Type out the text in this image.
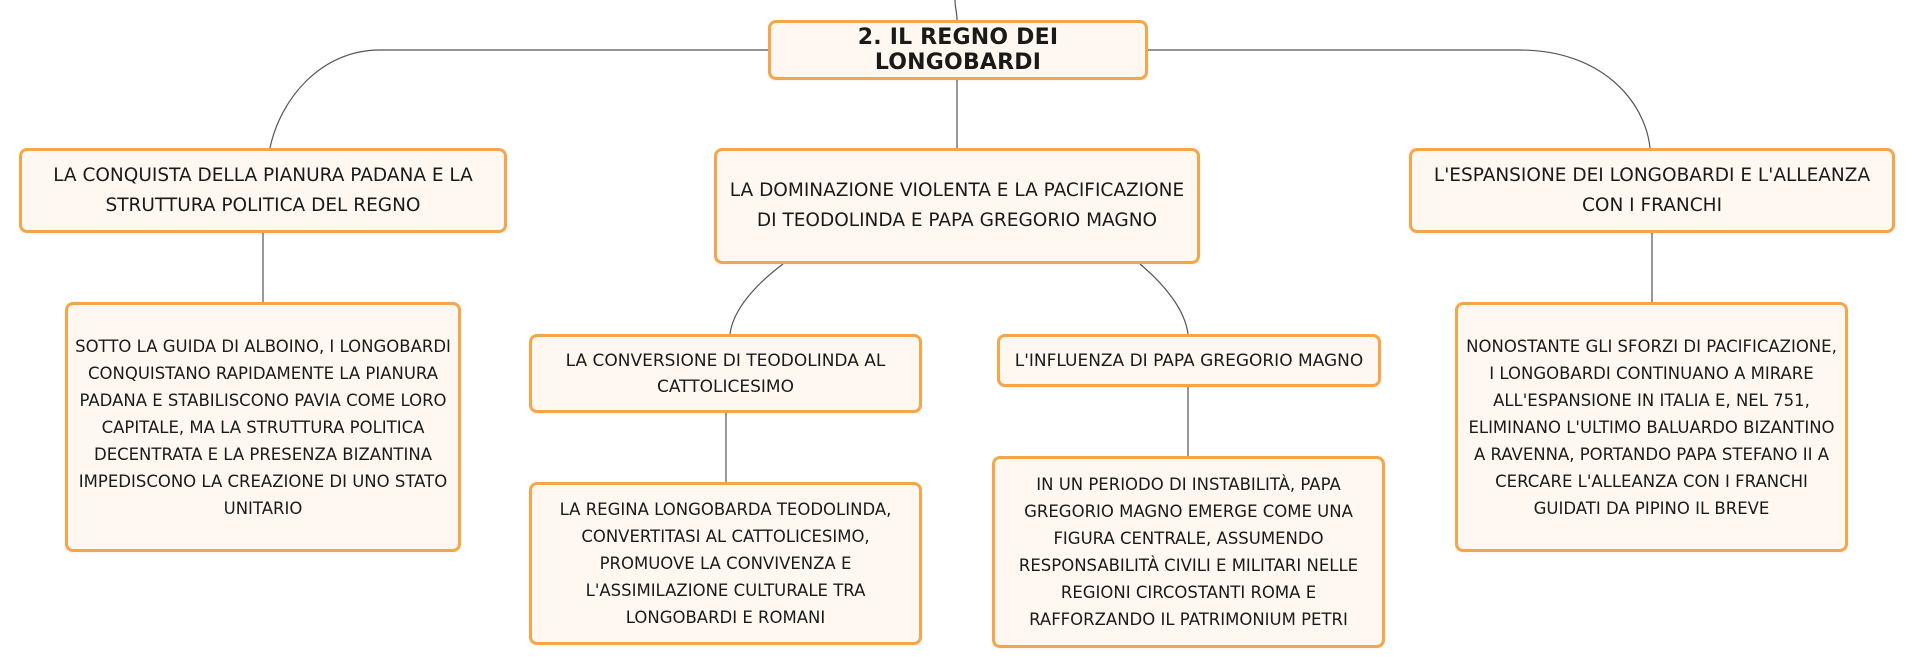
2. IL REGNO DEI LONGOBARDI
LA CONQUISTA DELLA PIANURA PADANA E LA STRUTTURA POLITICA DEL REGNO
LA DOMINAZIONE VIOLENTA E LA PACIFICAZIONE DI TEODOLINDA E PAPA GREGORIO MAGNO
L'ESPANSIONE DEI LONGOBARDI E L'ALLEANZA CON I FRANCHI
SOTTO LA GUIDA DI ALBOINO, I LONGOBARDI CONQUISTANO RAPIDAMENTE LA PIANURA PADANA E STABILISCONO PAVIA COME LORO CAPITALE, MA LA STRUTTURA POLITICA DECENTRATA E LA PRESENZA BIZANTINA IMPEDISCONO LA CREAZIONE DI UNO STATO UNITARIO
LA CONVERSIONE DI TEODOLINDA AL CATTOLICESIMO
L'INFLUENZA DI PAPA GREGORIO MAGNO
LA REGINA LONGOBARDA TEODOLINDA, CONVERTITASI AL CATTOLICESIMO, PROMUOVE LA CONVIVENZA E L'ASSIMILAZIONE CULTURALE TRA LONGOBARDI E ROMANI
IN UN PERIODO DI INSTABILITÀ, PAPA GREGORIO MAGNO EMERGE COME UNA FIGURA CENTRALE, ASSUMENDO RESPONSABILITÀ CIVILI E MILITARI NELLE REGIONI CIRCOSTANTI ROMA E RAFFORZANDO IL PATRIMONIUM PETRI
NONOSTANTE GLI SFORZI DI PACIFICAZIONE, I LONGOBARDI CONTINUANO A MIRARE ALL'ESPANSIONE IN ITALIA E, NEL 751, ELIMINANO L'ULTIMO BALUARDO BIZANTINO A RAVENNA, PORTANDO PAPA STEFANO II A CERCARE L'ALLEANZA CON I FRANCHI GUIDATI DA PIPINO IL BREVE
